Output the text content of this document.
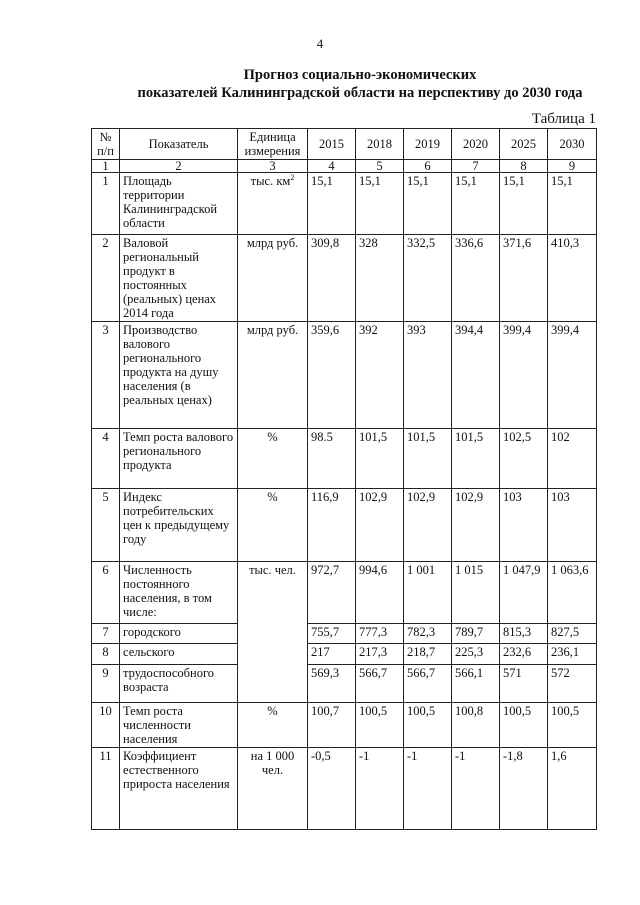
4
Прогноз социально-экономических
показателей Калининградской области на перспективу до 2030 года
Таблица 1
№ п/п	Показатель	Единица измерения	2015	2018	2019	2020	2025	2030
1	2	3	4	5	6	7	8	9
1	Площадь территории Калининградской области	тыс. $км^2$	15,1	15,1	15,1	15,1	15,1	15,1
2	Валовой региональный продукт в постоянных (реальных) ценах 2014 года	млрд руб.	309,8	328	332,5	336,6	371,6	410,3
3	Производство валового регионального продукта на душу населения (в реальных ценах)	млрд руб.	359,6	392	393	394,4	399,4	399,4
4	Темп роста валового регионального продукта	%	98.5	101,5	101,5	101,5	102,5	102
5	Индекс потребительских цен к предыдущему году	%	116,9	102,9	102,9	102,9	103	103
6	Численность постоянного населения, в том числе:	тыс. чел.	972,7	994,6	1 001	1 015	1 047,9	1 063,6
7	городского		755,7	777,3	782,3	789,7	815,3	827,5
8	сельского		217	217,3	218,7	225,3	232,6	236,1
9	трудоспособного возраста		569,3	566,7	566,7	566,1	571	572
10	Темп роста численности населения	%	100,7	100,5	100,5	100,8	100,5	100,5
11	Коэффициент естественного прироста населения	на 1 000 чел.	-0,5	-1	-1	-1	-1,8	1,6
